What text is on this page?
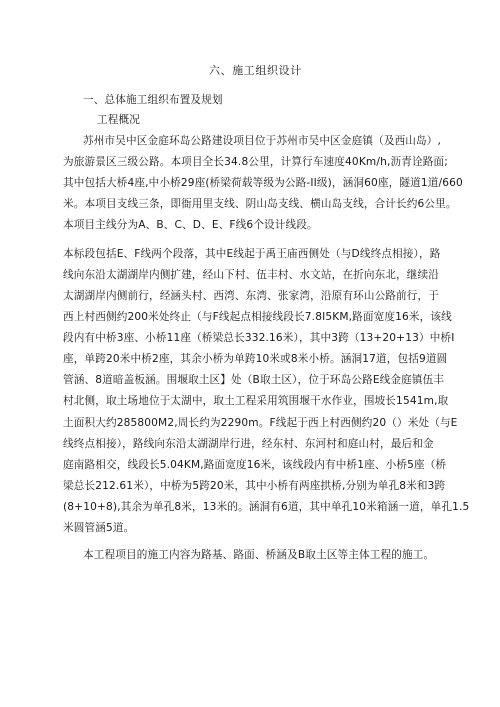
六、施工组织设计
一、总体施工组织布置及规划
工程概况
苏州市吴中区金庭环岛公路建设项目位于苏州市吴中区金庭镇（及西山岛）,
为旅游景区三级公路。本项目全长34.8公里，计算行车速度40Km/h,沥青诠路面;
其中包括大桥4座,中小桥29座(桥梁荷载等级为公路-II级)，涵洞60座，隧道1道/660
米。本项目支线三条，即衙用里支线、阴山岛支线、横山岛支线，合计长约6公里。
本项目主线分为A、B、C、D、E、F线6个设计线段。
本标段包括E、F线两个段落，其中E线起于禹王庙西侧处（与D线终点相接），路
线向东沿太湖湖岸内侧扩建，经山下村、伍丰村、水文站，在折向东北，继续沿
太湖湖岸内侧前行，经涵头村、西湾、东湾、张家湾，沿原有环山公路前行，于
西上村西侧约200米处终止（与F线起点相接线段长7.8I5KM,路面宽度16米，该线
段内有中桥3座、小桥11座（桥梁总长332.16米），其中3跨（13+20+13）中桥I
座，单跨20米中桥2座，其余小桥为单跨10米或8米小桥。涵洞17道，包括9道圆
管涵、8道暗盖板涵。围堰取土区】处（B取土区），位于环岛公路E线金庭镇伍丰
村北侧，取土场地位于太湖中，取土工程采用筑围堰干水作业，围坡长1541m,取
土面积大约285800M2,周长约为2290m。F线起于西上村西侧约20（）米处（与E
线终点相接），路线向东沿太湖湖岸行进，经东村、东河村和庭山村，最后和金
庭南路相交，线段长5.04KM,路面宽度16米，该线段内有中桥1座、小桥5座（桥
梁总长212.61米），中桥为5跨20米，其中小桥有两座拱桥,分别为单孔8米和3跨
(8+10+8),其余为单孔8米，13米的。涵洞有6道，其中单孔10米箱涵一道，单孔1.5
米圆管涵5道。
本工程项目的施工内容为路基、路面、桥涵及B取土区等主体工程的施工。
